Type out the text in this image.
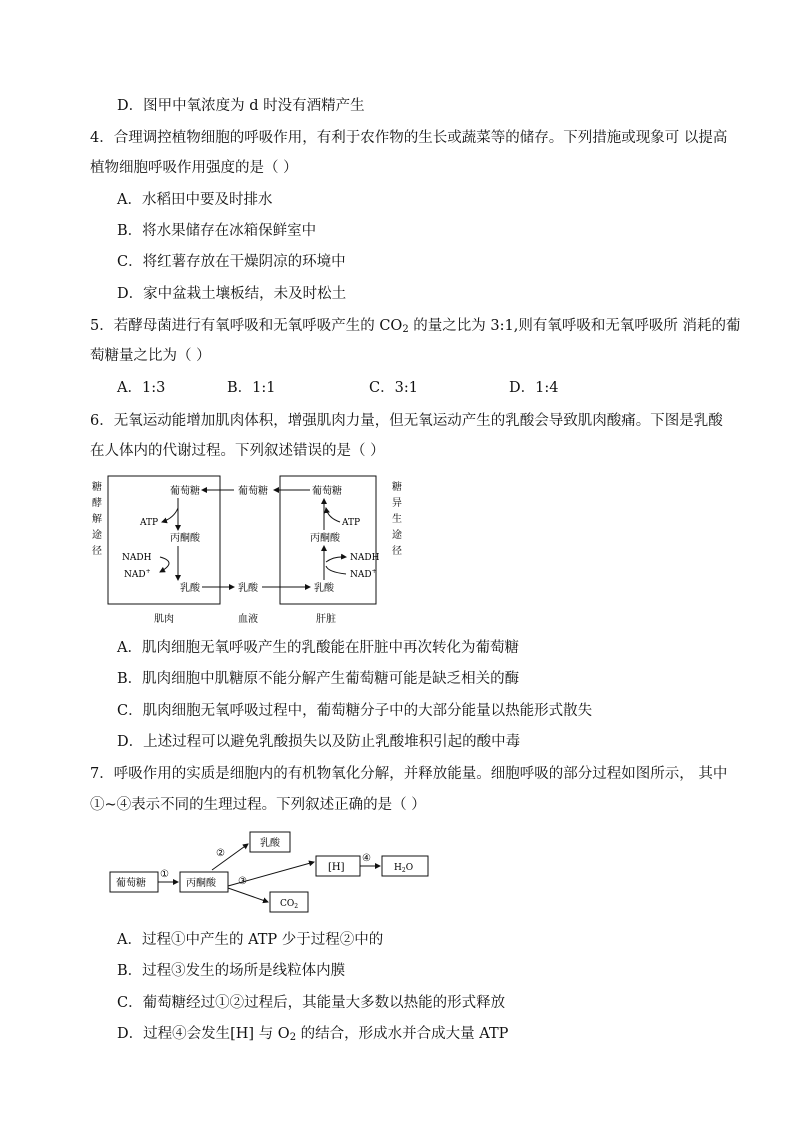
D．图甲中氧浓度为 d 时没有酒精产生
4．合理调控植物细胞的呼吸作用，有利于农作物的生长或蔬菜等的储存。下列措施或现象可 以提高
植物细胞呼吸作用强度的是（ ）
A．水稻田中要及时排水
B．将水果储存在冰箱保鲜室中
C．将红薯存放在干燥阴凉的环境中
D．家中盆栽土壤板结，未及时松土
5．若酵母菌进行有氧呼吸和无氧呼吸产生的 $CO_2$ 的量之比为 3:1,则有氧呼吸和无氧呼吸所 消耗的葡
萄糖量之比为（ ）
A．1:3	B．1:1	C．3:1	D．1:4
6．无氧运动能增加肌肉体积，增强肌肉力量，但无氧运动产生的乳酸会导致肌肉酸痛。下图是乳酸
在人体内的代谢过程。下列叙述错误的是（ ）
糖
酵
解
途
径
糖
异
生
途
径
葡萄糖
丙酮酸
乳酸
ATP
NADH
NAD+
葡萄糖
丙酮酸
乳酸
ATP
NADH
NAD+
葡萄糖
乳酸
肌肉	血液	肝脏
A．肌肉细胞无氧呼吸产生的乳酸能在肝脏中再次转化为葡萄糖
B．肌肉细胞中肌糖原不能分解产生葡萄糖可能是缺乏相关的酶
C．肌肉细胞无氧呼吸过程中，葡萄糖分子中的大部分能量以热能形式散失
D．上述过程可以避免乳酸损失以及防止乳酸堆积引起的酸中毒
7．呼吸作用的实质是细胞内的有机物氧化分解，并释放能量。细胞呼吸的部分过程如图所示， 其中
①~④表示不同的生理过程。下列叙述正确的是（ ）
葡萄糖
①
丙酮酸
②
乳酸
③
[H]
$CO_2$
④
$H_2O$
A．过程①中产生的 ATP 少于过程②中的
B．过程③发生的场所是线粒体内膜
C．葡萄糖经过①②过程后，其能量大多数以热能的形式释放
D．过程④会发生[H] 与 $O_2$ 的结合，形成水并合成大量 ATP
